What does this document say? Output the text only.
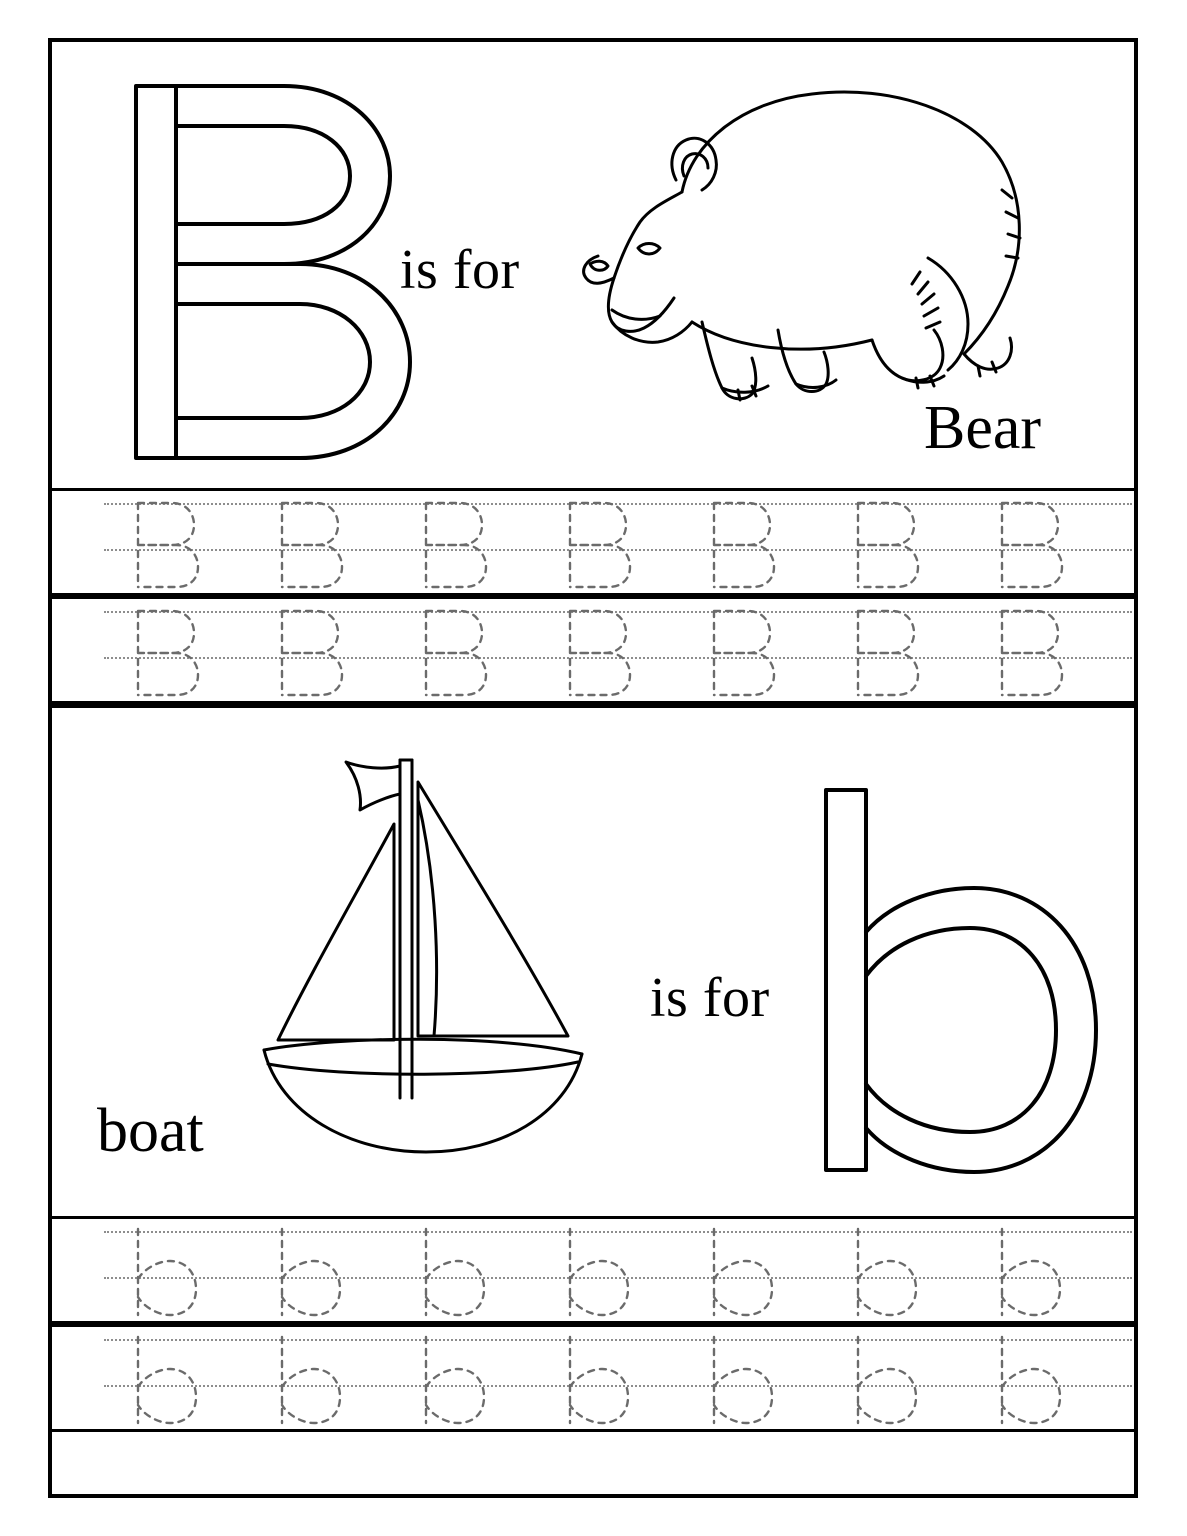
is for
Bear
boat
is for
